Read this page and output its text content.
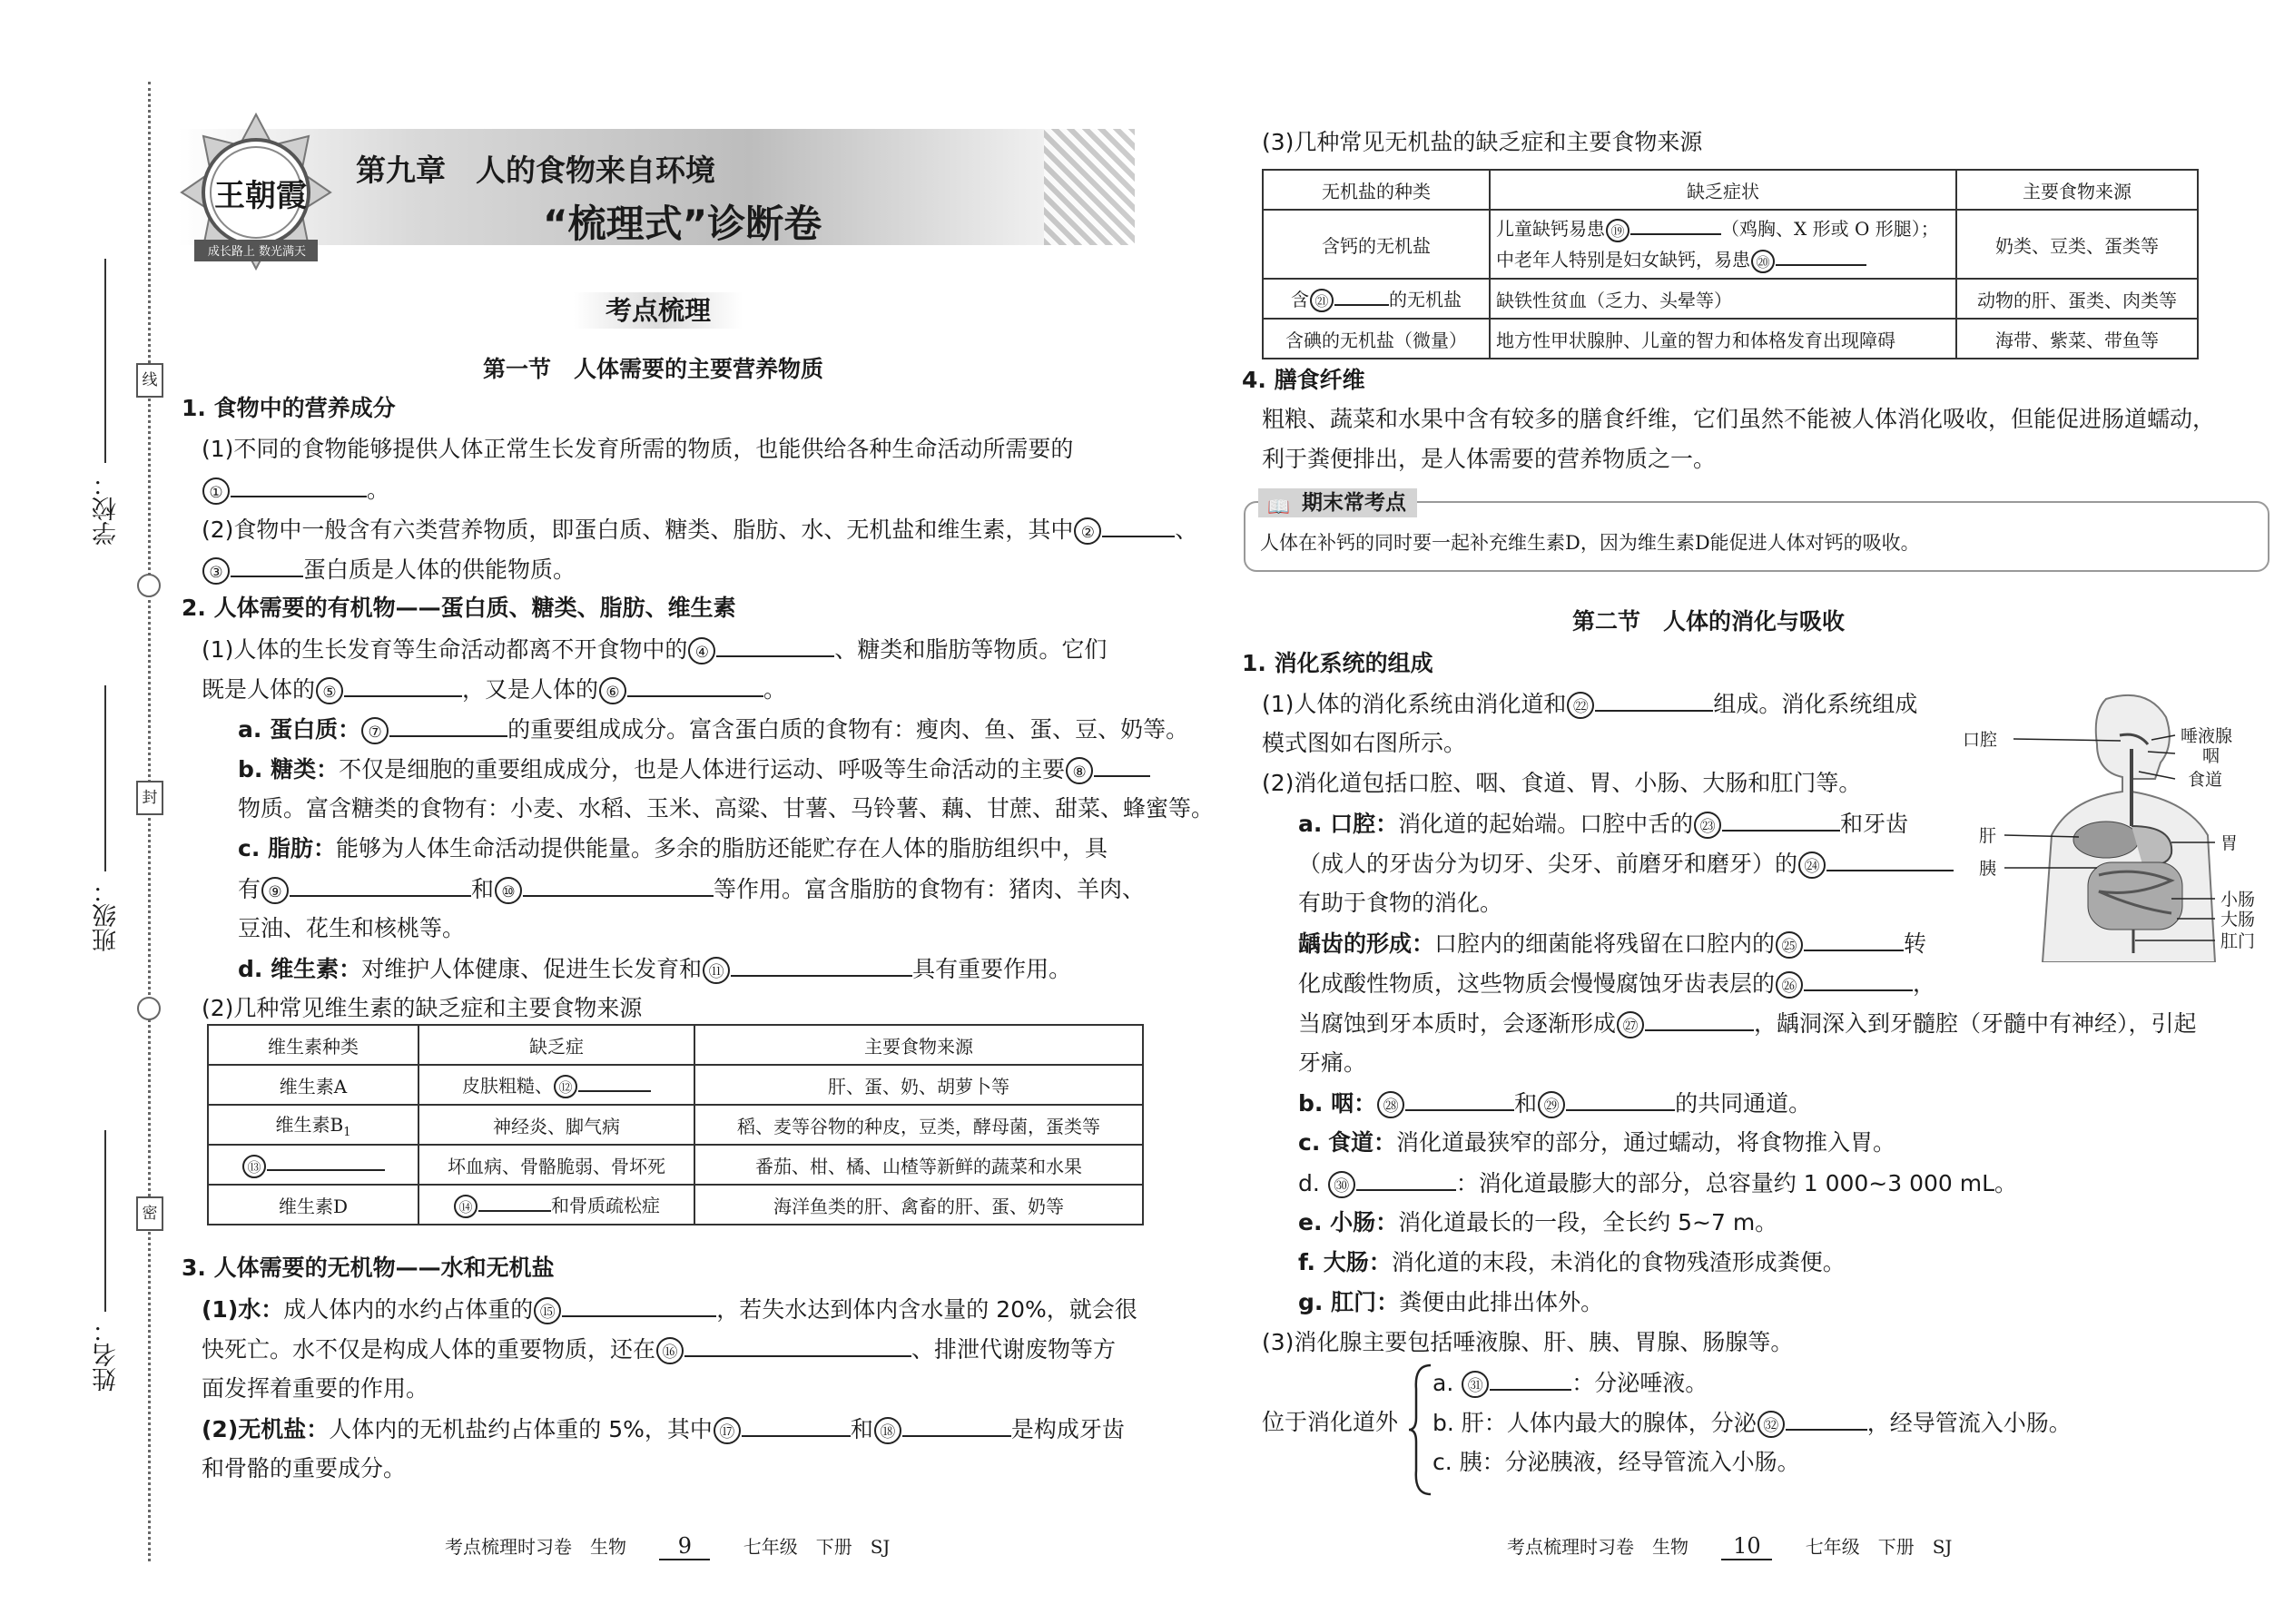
线
封
密
学校：
班级：
姓名：
王朝霞
成长路上 数光满天
第九章　人的食物来自环境
“梳理式”诊断卷
考点梳理
第一节　人体需要的主要营养物质
1. 食物中的营养成分
(1)不同的食物能够提供人体正常生长发育所需的物质，也能供给各种生命活动所需要的
①	。
(2)食物中一般含有六类营养物质，即蛋白质、糖类、脂肪、水、无机盐和维生素，其中 ②	、
③	蛋白质是人体的供能物质。
2. 人体需要的有机物——蛋白质、糖类、脂肪、维生素
(1)人体的生长发育等生命活动都离不开食物中的 ④	、糖类和脂肪等物质。它们
既是人体的 ⑤	，又是人体的 ⑥	。
a. 蛋白质： ⑦	的重要组成成分。富含蛋白质的食物有：瘦肉、鱼、蛋、豆、奶等。
b. 糖类：不仅是细胞的重要组成成分，也是人体进行运动、呼吸等生命活动的主要 ⑧
物质。富含糖类的食物有：小麦、水稻、玉米、高粱、甘薯、马铃薯、藕、甘蔗、甜菜、蜂蜜等。
c. 脂肪：能够为人体生命活动提供能量。多余的脂肪还能贮存在人体的脂肪组织中，具
有 ⑨	和 ⑩	等作用。富含脂肪的食物有：猪肉、羊肉、
豆油、花生和核桃等。
d. 维生素：对维护人体健康、促进生长发育和 ⑪	具有重要作用。
(2)几种常见维生素的缺乏症和主要食物来源
维生素种类	缺乏症	主要食物来源
维生素A	皮肤粗糙、 ⑫	肝、蛋、奶、胡萝卜等
维生素$B_1$	神经炎、脚气病	稻、麦等谷物的种皮，豆类，酵母菌，蛋类等
⑬	坏血病、骨骼脆弱、骨坏死	番茄、柑、橘、山楂等新鲜的蔬菜和水果
维生素D	⑭ 和骨质疏松症	海洋鱼类的肝、禽畜的肝、蛋、奶等
3. 人体需要的无机物——水和无机盐
(1)水：成人体内的水约占体重的 ⑮	，若失水达到体内含水量的 20%，就会很
快死亡。水不仅是构成人体的重要物质，还在 ⑯	、排泄代谢废物等方
面发挥着重要的作用。
(2)无机盐：人体内的无机盐约占体重的 5%，其中 ⑰	和 ⑱	是构成牙齿
和骨骼的重要成分。
考点梳理时习卷　生物 9	七年级　下册　SJ
(3)几种常见无机盐的缺乏症和主要食物来源
无机盐的种类	缺乏症状	主要食物来源
含钙的无机盐	儿童缺钙易患 ⑲ （鸡胸、X 形或 O 形腿）；
中老年人特别是妇女缺钙，易患 ⑳	奶类、豆类、蛋类等
含 ㉑ 的无机盐	缺铁性贫血（乏力、头晕等）	动物的肝、蛋类、肉类等
含碘的无机盐（微量）	地方性甲状腺肿、儿童的智力和体格发育出现障碍	海带、紫菜、带鱼等
4. 膳食纤维
粗粮、蔬菜和水果中含有较多的膳食纤维，它们虽然不能被人体消化吸收，但能促进肠道蠕动，
利于粪便排出，是人体需要的营养物质之一。
📖 期末常考点
人体在补钙的同时要一起补充维生素D，因为维生素D能促进人体对钙的吸收。
第二节　人体的消化与吸收
1. 消化系统的组成
(1)人体的消化系统由消化道和 ㉒	组成。消化系统组成
模式图如右图所示。
(2)消化道包括口腔、咽、食道、胃、小肠、大肠和肛门等。
a. 口腔：消化道的起始端。口腔中舌的 ㉓	和牙齿
（成人的牙齿分为切牙、尖牙、前磨牙和磨牙）的 ㉔
有助于食物的消化。
龋齿的形成：口腔内的细菌能将残留在口腔内的 ㉕	转
化成酸性物质，这些物质会慢慢腐蚀牙齿表层的 ㉖	，
当腐蚀到牙本质时，会逐渐形成 ㉗	，龋洞深入到牙髓腔（牙髓中有神经），引起
牙痛。
b. 咽： ㉘	和 ㉙	的共同通道。
c. 食道：消化道最狭窄的部分，通过蠕动，将食物推入胃。
d. ㉚	：消化道最膨大的部分，总容量约 1 000~3 000 mL。
e. 小肠：消化道最长的一段，全长约 5~7 m。
f. 大肠：消化道的末段，未消化的食物残渣形成粪便。
g. 肛门：粪便由此排出体外。
(3)消化腺主要包括唾液腺、肝、胰、胃腺、肠腺等。
位于消化道外
a. ㉛	：分泌唾液。
b. 肝：人体内最大的腺体，分泌 ㉜	，经导管流入小肠。
c. 胰：分泌胰液，经导管流入小肠。
口腔	唾液腺
咽
食道
肝	胃
胰
小肠
大肠
肛门
考点梳理时习卷　生物 10 七年级　下册　SJ
